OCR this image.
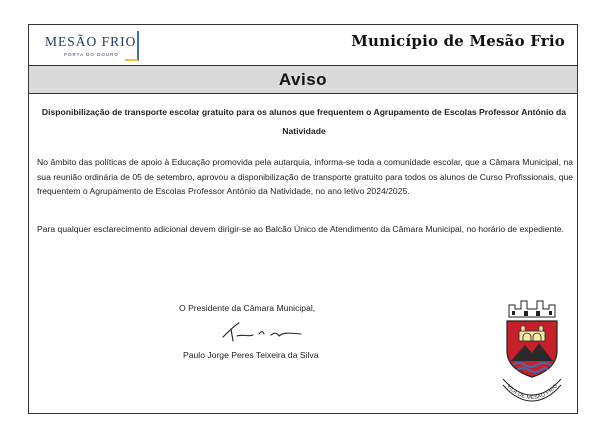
MESÃO FRIO
PORTA DO DOURO
Município de Mesão Frio
Aviso
Disponibilização de transporte escolar gratuito para os alunos que frequentem o Agrupamento de Escolas Professor António da Natividade

No âmbito das políticas de apoio à Educação promovida pela autarquia, informa-se toda a comunidade escolar, que a Câmara Municipal, na sua reunião ordinária de 05 de setembro, aprovou a disponibilização de transporte gratuito para todos os alunos de Curso Profissionais, que frequentem o Agrupamento de Escolas Professor António da Natividade, no ano letivo 2024/2025.

Para qualquer esclarecimento adicional devem dirigir-se ao Balcão Único de Atendimento da Câmara Municipal, no horário de expediente.

O Presidente da Câmara Municipal,
Paulo Jorge Peres Teixeira da Silva
VILA DE MESÃO FRIO
